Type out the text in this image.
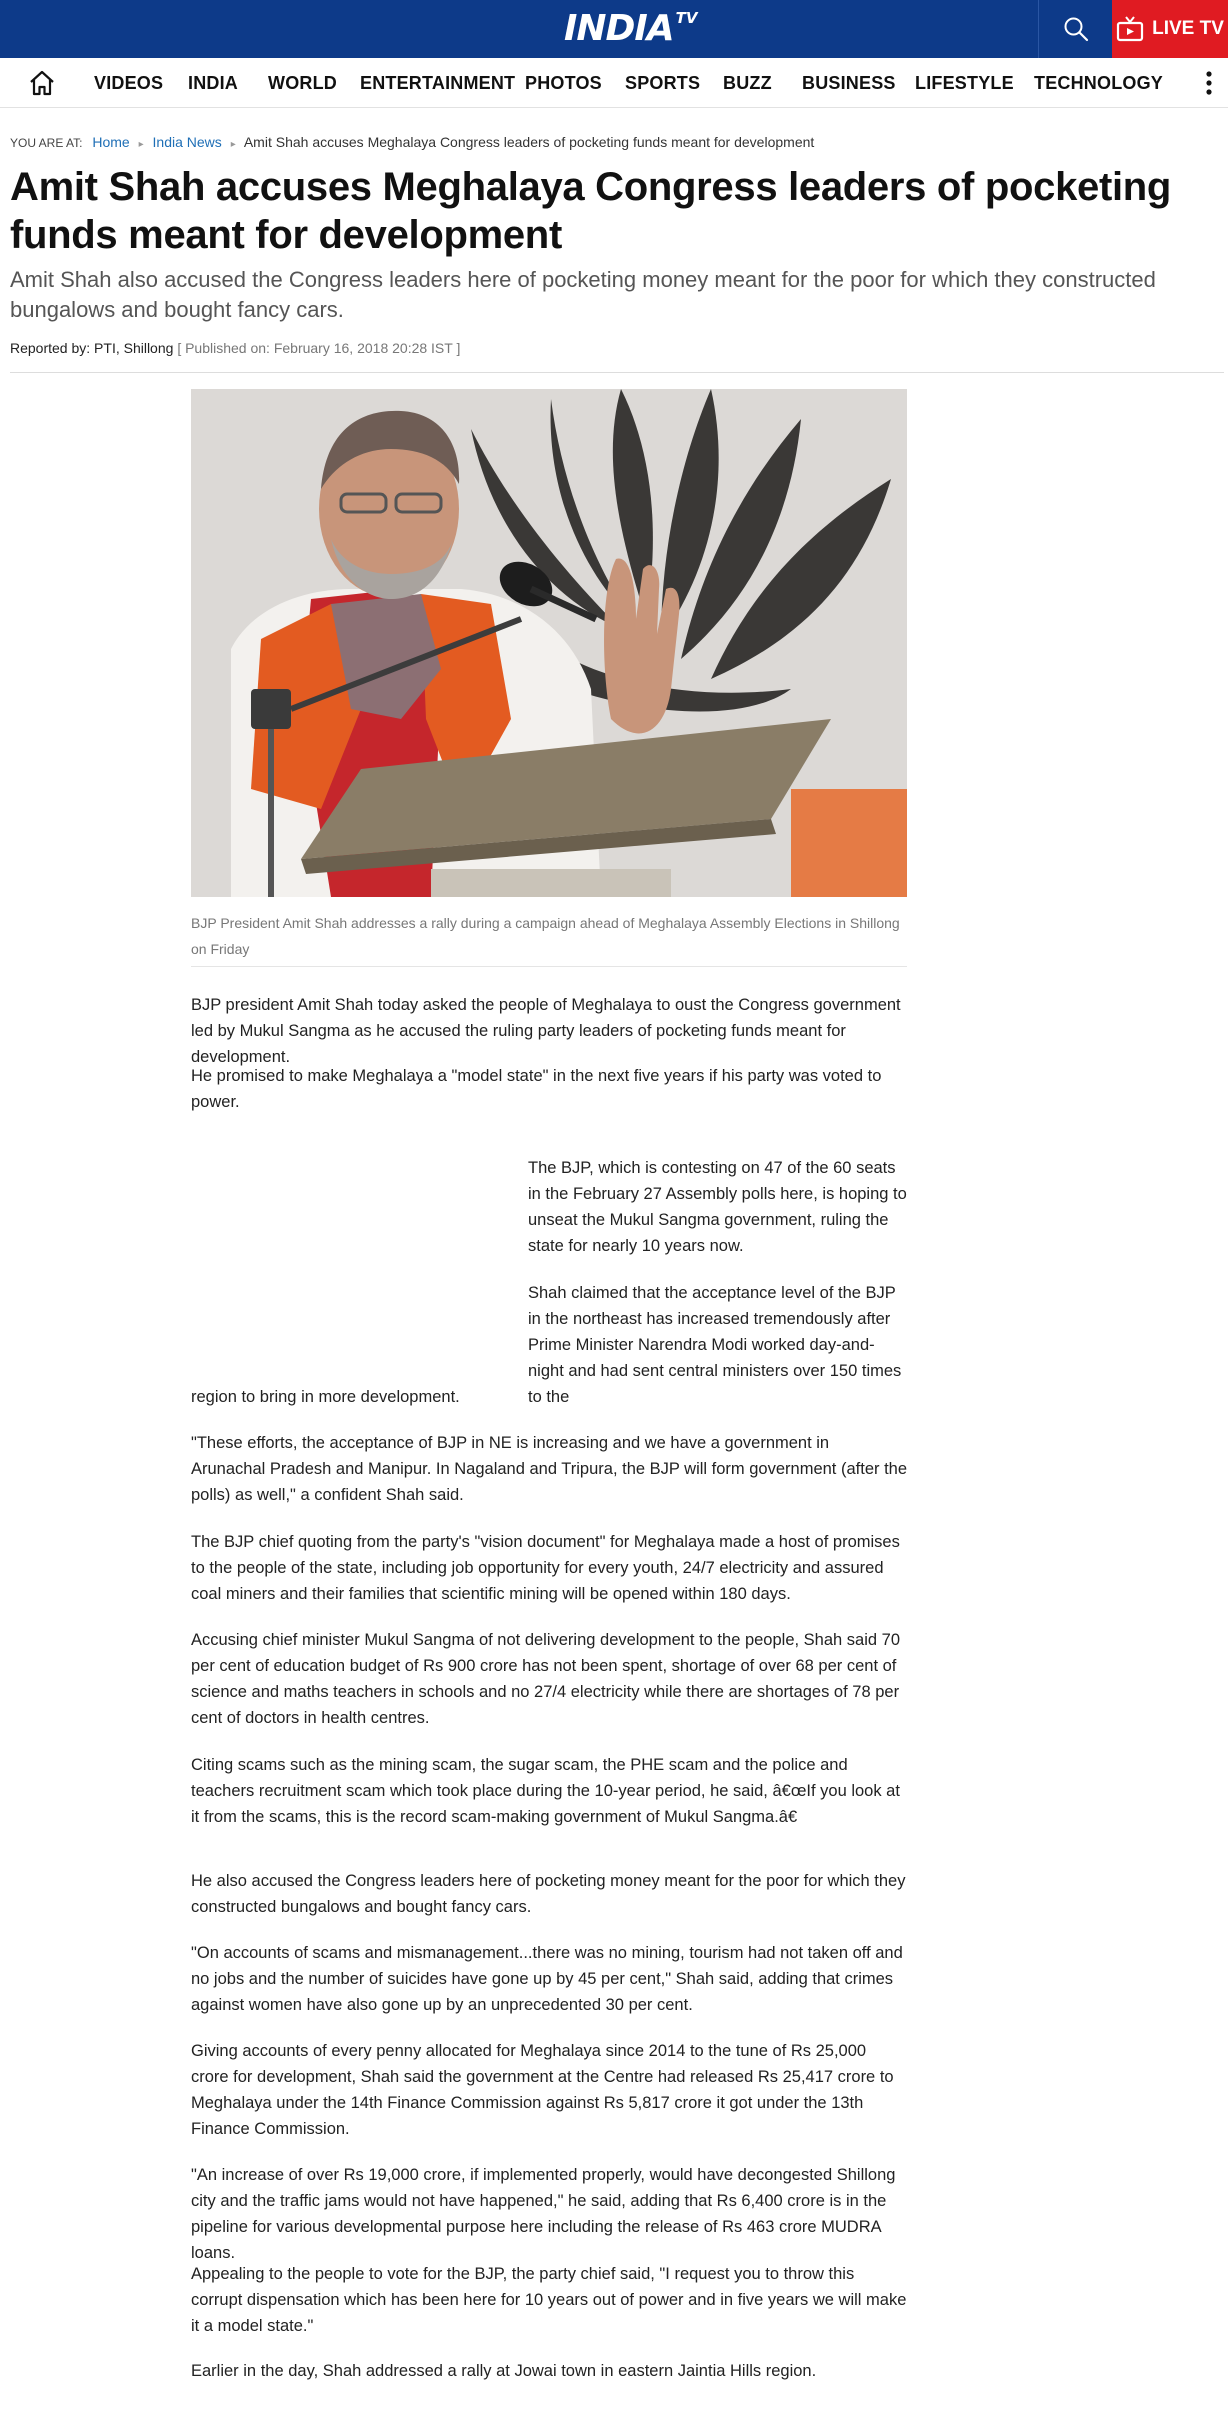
INDIA TV	LIVE TV
VIDEOS INDIA WORLD ENTERTAINMENT PHOTOS SPORTS BUZZ BUSINESS LIFESTYLE TECHNOLOGY
YOU ARE AT: Home ▸ India News ▸ Amit Shah accuses Meghalaya Congress leaders of pocketing funds meant for development
Amit Shah accuses Meghalaya Congress leaders of pocketing funds meant for development
Amit Shah also accused the Congress leaders here of pocketing money meant for the poor for which they constructed bungalows and bought fancy cars.
Reported by: PTI, Shillong [ Published on: February 16, 2018 20:28 IST ]
BJP President Amit Shah addresses a rally during a campaign ahead of Meghalaya Assembly Elections in Shillong on Friday

BJP president Amit Shah today asked the people of Meghalaya to oust the Congress government led by Mukul Sangma as he accused the ruling party leaders of pocketing funds meant for development.

He promised to make Meghalaya a "model state" in the next five years if his party was voted to power.

The BJP, which is contesting on 47 of the 60 seats in the February 27 Assembly polls here, is hoping to unseat the Mukul Sangma government, ruling the state for nearly 10 years now.

Shah claimed that the acceptance level of the BJP in the northeast has increased tremendously after Prime Minister Narendra Modi worked day-and-night and had sent central ministers over 150 times to the

region to bring in more development.

"These efforts, the acceptance of BJP in NE is increasing and we have a government in Arunachal Pradesh and Manipur. In Nagaland and Tripura, the BJP will form government (after the polls) as well," a confident Shah said.

The BJP chief quoting from the party's "vision document" for Meghalaya made a host of promises to the people of the state, including job opportunity for every youth, 24/7 electricity and assured coal miners and their families that scientific mining will be opened within 180 days.

Accusing chief minister Mukul Sangma of not delivering development to the people, Shah said 70 per cent of education budget of Rs 900 crore has not been spent, shortage of over 68 per cent of science and maths teachers in schools and no 27/4 electricity while there are shortages of 78 per cent of doctors in health centres.

Citing scams such as the mining scam, the sugar scam, the PHE scam and the police and teachers recruitment scam which took place during the 10-year period, he said, â€œIf you look at it from the scams, this is the record scam-making government of Mukul Sangma.â€

He also accused the Congress leaders here of pocketing money meant for the poor for which they constructed bungalows and bought fancy cars.

"On accounts of scams and mismanagement...there was no mining, tourism had not taken off and no jobs and the number of suicides have gone up by 45 per cent," Shah said, adding that crimes against women have also gone up by an unprecedented 30 per cent.

Giving accounts of every penny allocated for Meghalaya since 2014 to the tune of Rs 25,000 crore for development, Shah said the government at the Centre had released Rs 25,417 crore to Meghalaya under the 14th Finance Commission against Rs 5,817 crore it got under the 13th Finance Commission.

"An increase of over Rs 19,000 crore, if implemented properly, would have decongested Shillong city and the traffic jams would not have happened," he said, adding that Rs 6,400 crore is in the pipeline for various developmental purpose here including the release of Rs 463 crore MUDRA loans.

Appealing to the people to vote for the BJP, the party chief said, "I request you to throw this corrupt dispensation which has been here for 10 years out of power and in five years we will make it a model state."

Earlier in the day, Shah addressed a rally at Jowai town in eastern Jaintia Hills region.
